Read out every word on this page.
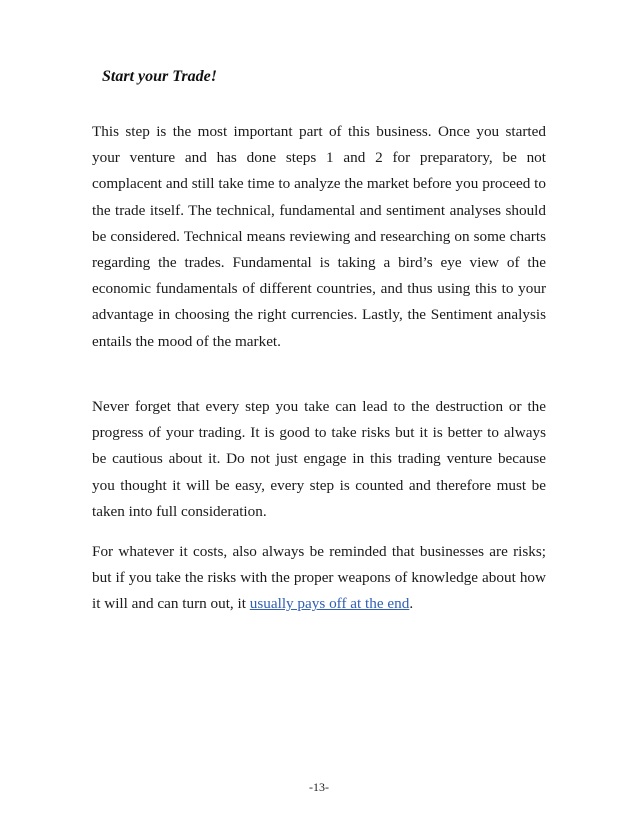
Start your Trade!

This step is the most important part of this business. Once you started your venture and has done steps 1 and 2 for preparatory, be not complacent and still take time to analyze the market before you proceed to the trade itself. The technical, fundamental and sentiment analyses should be considered. Technical means reviewing and researching on some charts regarding the trades. Fundamental is taking a bird’s eye view of the economic fundamentals of different countries, and thus using this to your advantage in choosing the right currencies. Lastly, the Sentiment analysis entails the mood of the market.

Never forget that every step you take can lead to the destruction or the progress of your trading. It is good to take risks but it is better to always be cautious about it. Do not just engage in this trading venture because you thought it will be easy, every step is counted and therefore must be taken into full consideration.

For whatever it costs, also always be reminded that businesses are risks; but if you take the risks with the proper weapons of knowledge about how it will and can turn out, it usually pays off at the end.

-13-
